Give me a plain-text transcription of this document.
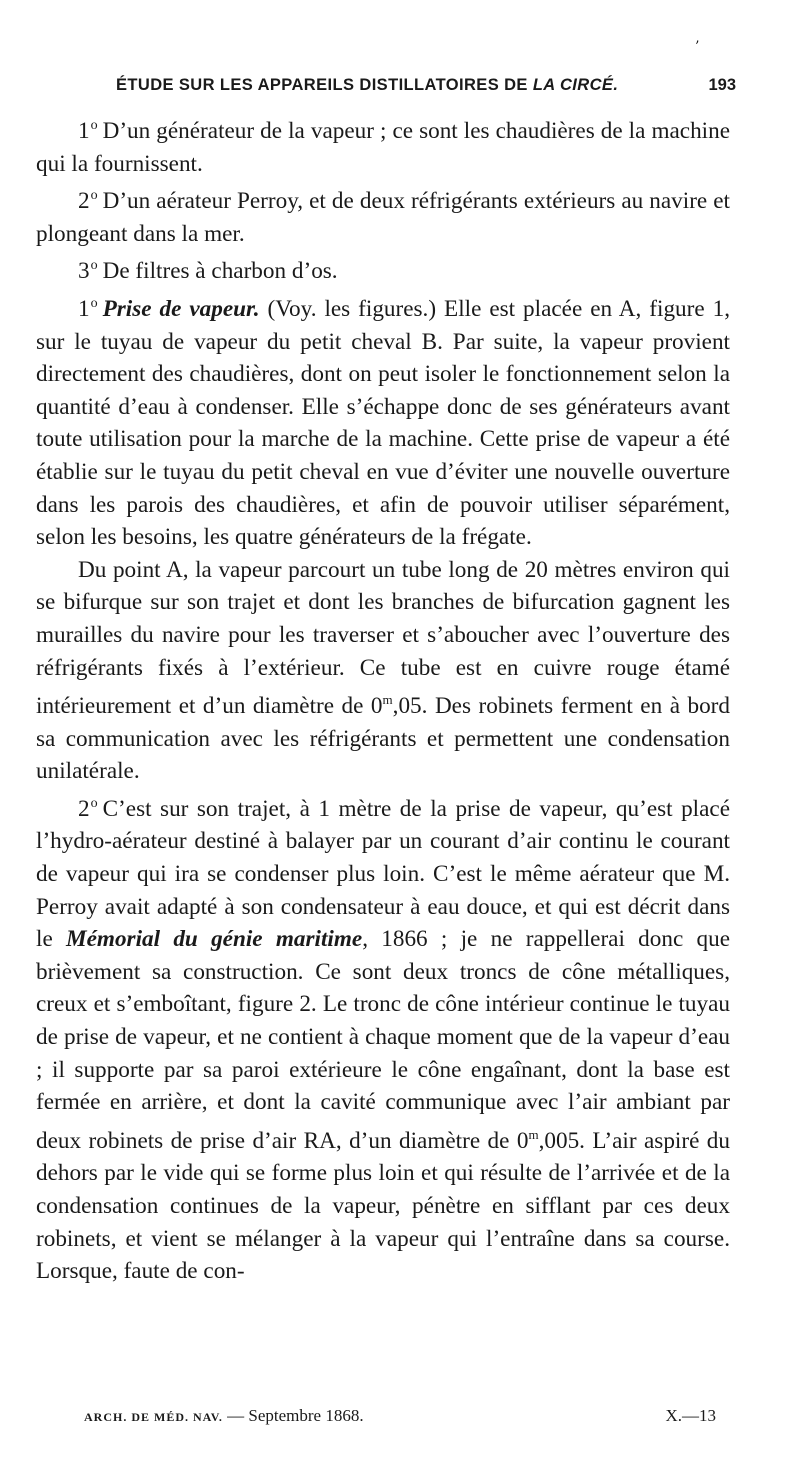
’
ÉTUDE SUR LES APPAREILS DISTILLATOIRES DE LA CIRCÉ.	193

1$^o$ D’un générateur de la vapeur ; ce sont les chaudières de la machine qui la fournissent.

2$^o$ D’un aérateur Perroy, et de deux réfrigérants extérieurs au navire et plongeant dans la mer.

3$^o$ De filtres à charbon d’os.

1$^o$ Prise de vapeur. (Voy. les figures.) Elle est placée en A, figure 1, sur le tuyau de vapeur du petit cheval B. Par suite, la vapeur provient directement des chaudières, dont on peut isoler le fonctionnement selon la quantité d’eau à condenser. Elle s’échappe donc de ses générateurs avant toute utilisation pour la marche de la machine. Cette prise de vapeur a été établie sur le tuyau du petit cheval en vue d’éviter une nouvelle ouverture dans les parois des chaudières, et afin de pouvoir utiliser séparément, selon les besoins, les quatre générateurs de la frégate.

Du point A, la vapeur parcourt un tube long de 20 mètres environ qui se bifurque sur son trajet et dont les branches de bifurcation gagnent les murailles du navire pour les traverser et s’aboucher avec l’ouverture des réfrigérants fixés à l’extérieur. Ce tube est en cuivre rouge étamé intérieurement et d’un diamètre de 0$^m$,05. Des robinets ferment en à bord sa communication avec les réfrigérants et permettent une condensation unilatérale.

2$^o$ C’est sur son trajet, à 1 mètre de la prise de vapeur, qu’est placé l’hydro-aérateur destiné à balayer par un courant d’air continu le courant de vapeur qui ira se condenser plus loin. C’est le même aérateur que M. Perroy avait adapté à son condensateur à eau douce, et qui est décrit dans le Mémorial du génie maritime, 1866 ; je ne rappellerai donc que brièvement sa construction. Ce sont deux troncs de cône métalliques, creux et s’emboîtant, figure 2. Le tronc de cône intérieur continue le tuyau de prise de vapeur, et ne contient à chaque moment que de la vapeur d’eau ; il supporte par sa paroi extérieure le cône engaînant, dont la base est fermée en arrière, et dont la cavité communique avec l’air ambiant par deux robinets de prise d’air RA, d’un diamètre de 0$^m$,005. L’air aspiré du dehors par le vide qui se forme plus loin et qui résulte de l’arrivée et de la condensation continues de la vapeur, pénètre en sifflant par ces deux robinets, et vient se mélanger à la vapeur qui l’entraîne dans sa course. Lorsque, faute de con-

ARCH. DE MÉD. NAV. — Septembre 1868.	X.—13
